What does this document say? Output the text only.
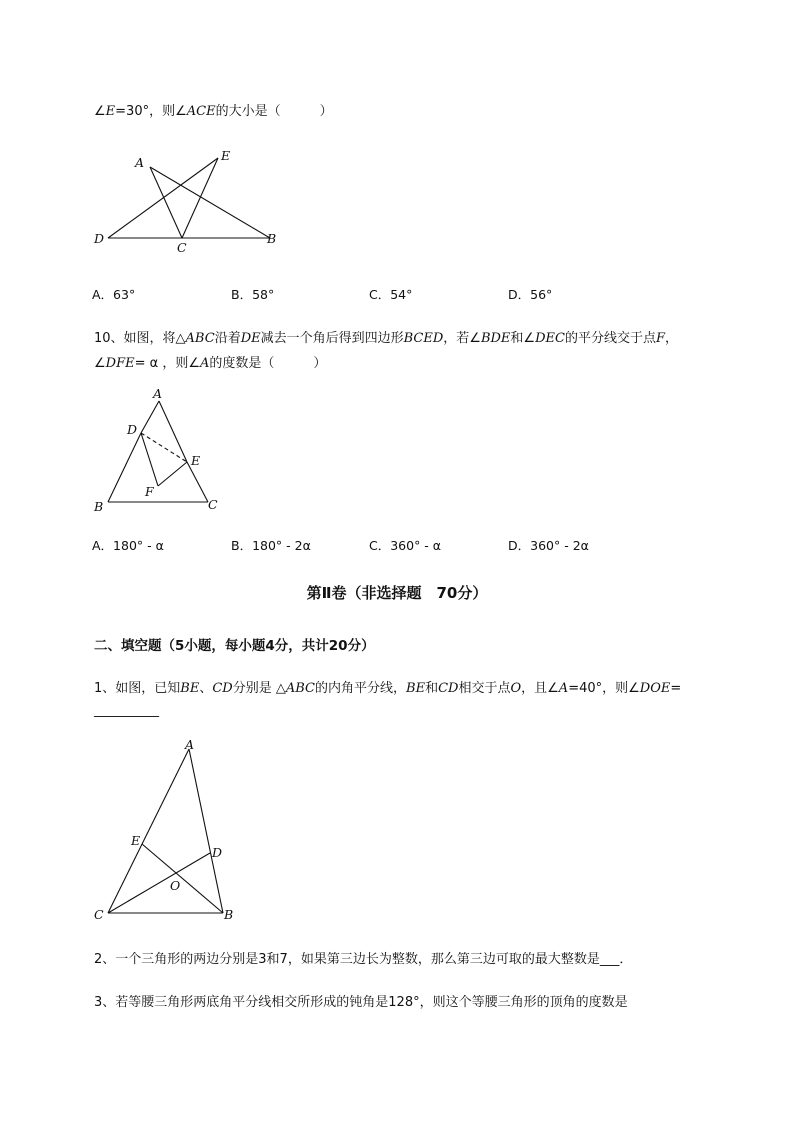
∠E=30°，则∠ACE的大小是（　　　）
A	E
D
C
B
A．63°	B．58°	C．54°	D．56°
10、如图，将△ABC沿着DE减去一个角后得到四边形BCED，若∠BDE和∠DEC的平分线交于点F，
∠DFE= α ，则∠A的度数是（　　　）
A
D
E
F
B	C
A．180° - α	B．180° - 2α	C．360° - α	D．360° - 2α
第Ⅱ卷（非选择题　70分）
二、填空题（5小题，每小题4分，共计20分）
1、如图，已知BE、CD分别是 △ABC的内角平分线，BE和CD相交于点O，且∠A=40°，则∠DOE=
__________
A
E
D
O
C	B
2、一个三角形的两边分别是3和7，如果第三边长为整数，那么第三边可取的最大整数是___．
3、若等腰三角形两底角平分线相交所形成的钝角是128°，则这个等腰三角形的顶角的度数是
